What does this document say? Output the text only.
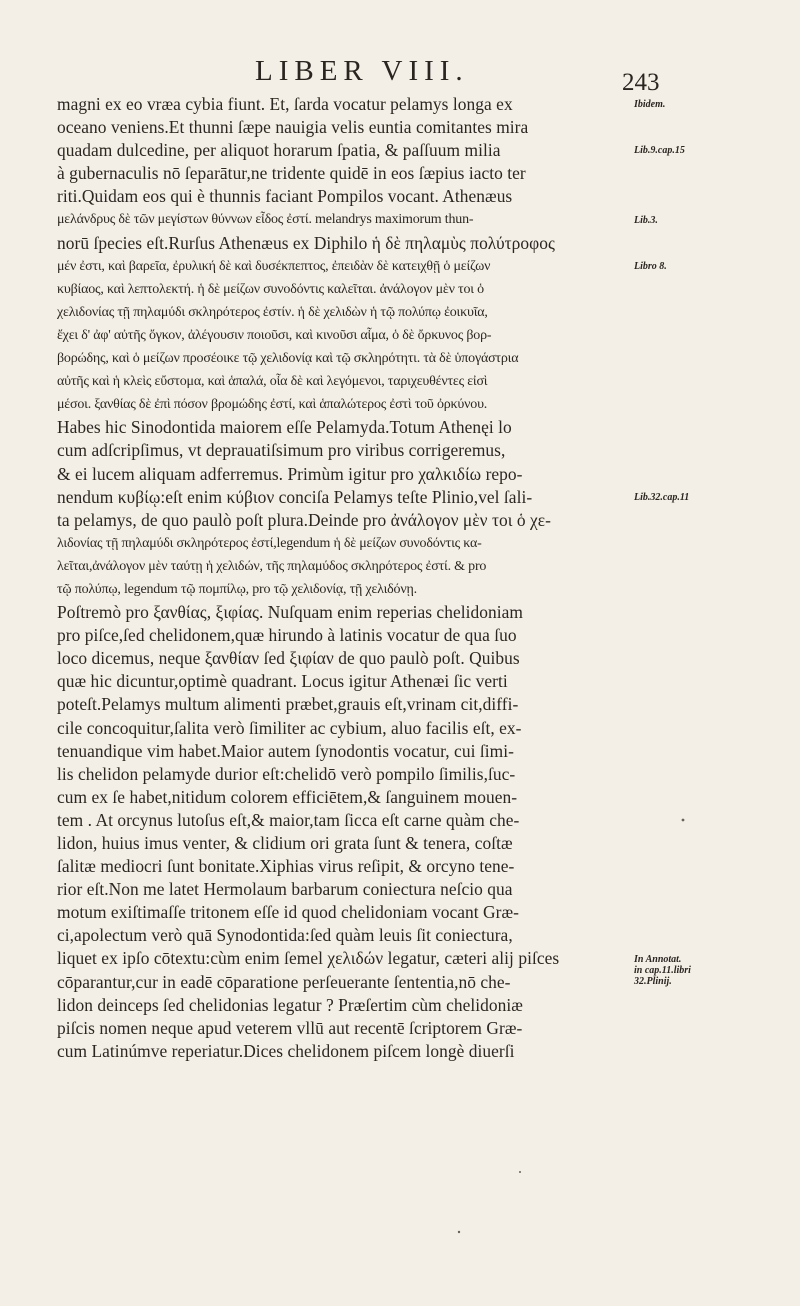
LIBER VIII.	243
magni ex eo vræa cybia fiunt. Et, ſarda vocatur pelamys longa ex
oceano veniens.Et thunni ſæpe nauigia velis euntia comitantes mira
quadam dulcedine, per aliquot horarum ſpatia, & paſſuum milia
à gubernaculis nō ſeparātur,ne tridente quidē in eos ſæpius iacto ter
riti.Quidam eos qui è thunnis faciant Pompilos vocant. Athenæus
μελάνδρυς δὲ τῶν μεγίστων θύννων εἶδος ἐστί. melandrys maximorum thun-
norū ſpecies eſt.Rurſus Athenæus ex Diphilo ἡ δὲ πηλαμὺς πολύτροφος
μέν ἐστι, καὶ βαρεῖα, ἐρυλική δὲ καὶ δυσέκπεπτος, ἐπειδὰν δὲ κατειχθῇ ὁ μείζων
κυβίαος, καὶ λεπτολεκτή. ἡ δὲ μείζων συνοδόντις καλεῖται. ἀνάλογον μὲν τοι ὁ
χελιδονίας τῇ πηλαμύδι σκληρότερος ἐστίν. ἡ δὲ χελιδὼν ἡ τῷ πολύπῳ ἐοικυῖα,
ἔχει δ' ἀφ' αὐτῆς ὄγκον, ἀλέγουσιν ποιοῦσι, καὶ κινοῦσι αἷμα, ὁ δὲ ὄρκυνος βορ-
βορώδης, καὶ ὁ μείζων προσέοικε τῷ χελιδονίᾳ καὶ τῷ σκληρότητι. τὰ δὲ ὑπογάστρια
αὐτῆς καὶ ἡ κλεὶς εὔστομα, καὶ ἁπαλά, οἷα δὲ καὶ λεγόμενοι, ταριχευθέντες εἰσὶ
μέσοι. ξανθίας δὲ ἐπὶ πόσον βρομώδης ἐστί, καὶ ἁπαλώτερος ἐστὶ τοῦ ὀρκύνου.
Habes hic Sinodontida maiorem eſſe Pelamyda.Totum Athenęi lo
cum adſcripſimus, vt deprauatiſsimum pro viribus corrigeremus,
& ei lucem aliquam adferremus. Primùm igitur pro χαλκιδίω repo-
nendum κυβίῳ:eſt enim κύβιον conciſa Pelamys teſte Plinio,vel ſali-
ta pelamys, de quo paulò poſt plura.Deinde pro ἀνάλογον μὲν τοι ὁ χε-
λιδονίας τῇ πηλαμύδι σκληρότερος ἐστί,legendum ἡ δὲ μείζων συνοδόντις κα-
λεῖται,ἀνάλογον μὲν ταύτῃ ἡ χελιδών, τῆς πηλαμύδος σκληρότερος ἐστί. & pro
τῷ πολύπῳ, legendum τῷ πομπίλῳ, pro τῷ χελιδονίᾳ, τῇ χελιδόνῃ.
Poſtremò pro ξανθίας, ξιφίας. Nuſquam enim reperias chelidoniam
pro piſce,ſed chelidonem,quæ hirundo à latinis vocatur de qua ſuo
loco dicemus, neque ξανθίαν ſed ξιφίαν de quo paulò poſt. Quibus
quæ hic dicuntur,optimè quadrant. Locus igitur Athenæi ſic verti
poteſt.Pelamys multum alimenti præbet,grauis eſt,vrinam cit,diffi-
cile concoquitur,ſalita verò ſimiliter ac cybium, aluo facilis eſt, ex-
tenuandique vim habet.Maior autem ſynodontis vocatur, cui ſimi-
lis chelidon pelamyde durior eſt:chelidō verò pompilo ſimilis,ſuc-
cum ex ſe habet,nitidum colorem efficiētem,& ſanguinem mouen-
tem . At orcynus lutoſus eſt,& maior,tam ſicca eſt carne quàm che-
lidon, huius imus venter, & clidium ori grata ſunt & tenera, coſtæ
ſalitæ mediocri ſunt bonitate.Xiphias virus reſipit, & orcyno tene-
rior eſt.Non me latet Hermolaum barbarum coniectura neſcio qua
motum exiſtimaſſe tritonem eſſe id quod chelidoniam vocant Græ-
ci,apolectum verò quā Synodontida:ſed quàm leuis ſit coniectura,
liquet ex ipſo cōtextu:cùm enim ſemel χελιδών legatur, cæteri alij piſces
cōparantur,cur in eadē cōparatione perſeuerante ſententia,nō che-
lidon deinceps ſed chelidonias legatur ? Præſertim cùm chelidoniæ
piſcis nomen neque apud veterem vllū aut recentē ſcriptorem Græ-
cum Latinúmve reperiatur.Dices chelidonem piſcem longè diuerſi
Ibidem.
Lib.9.cap.15
Lib.3.
Libro 8.
Lib.32.cap.11
In Annotat.
in cap.11.libri
32.Plinij.
